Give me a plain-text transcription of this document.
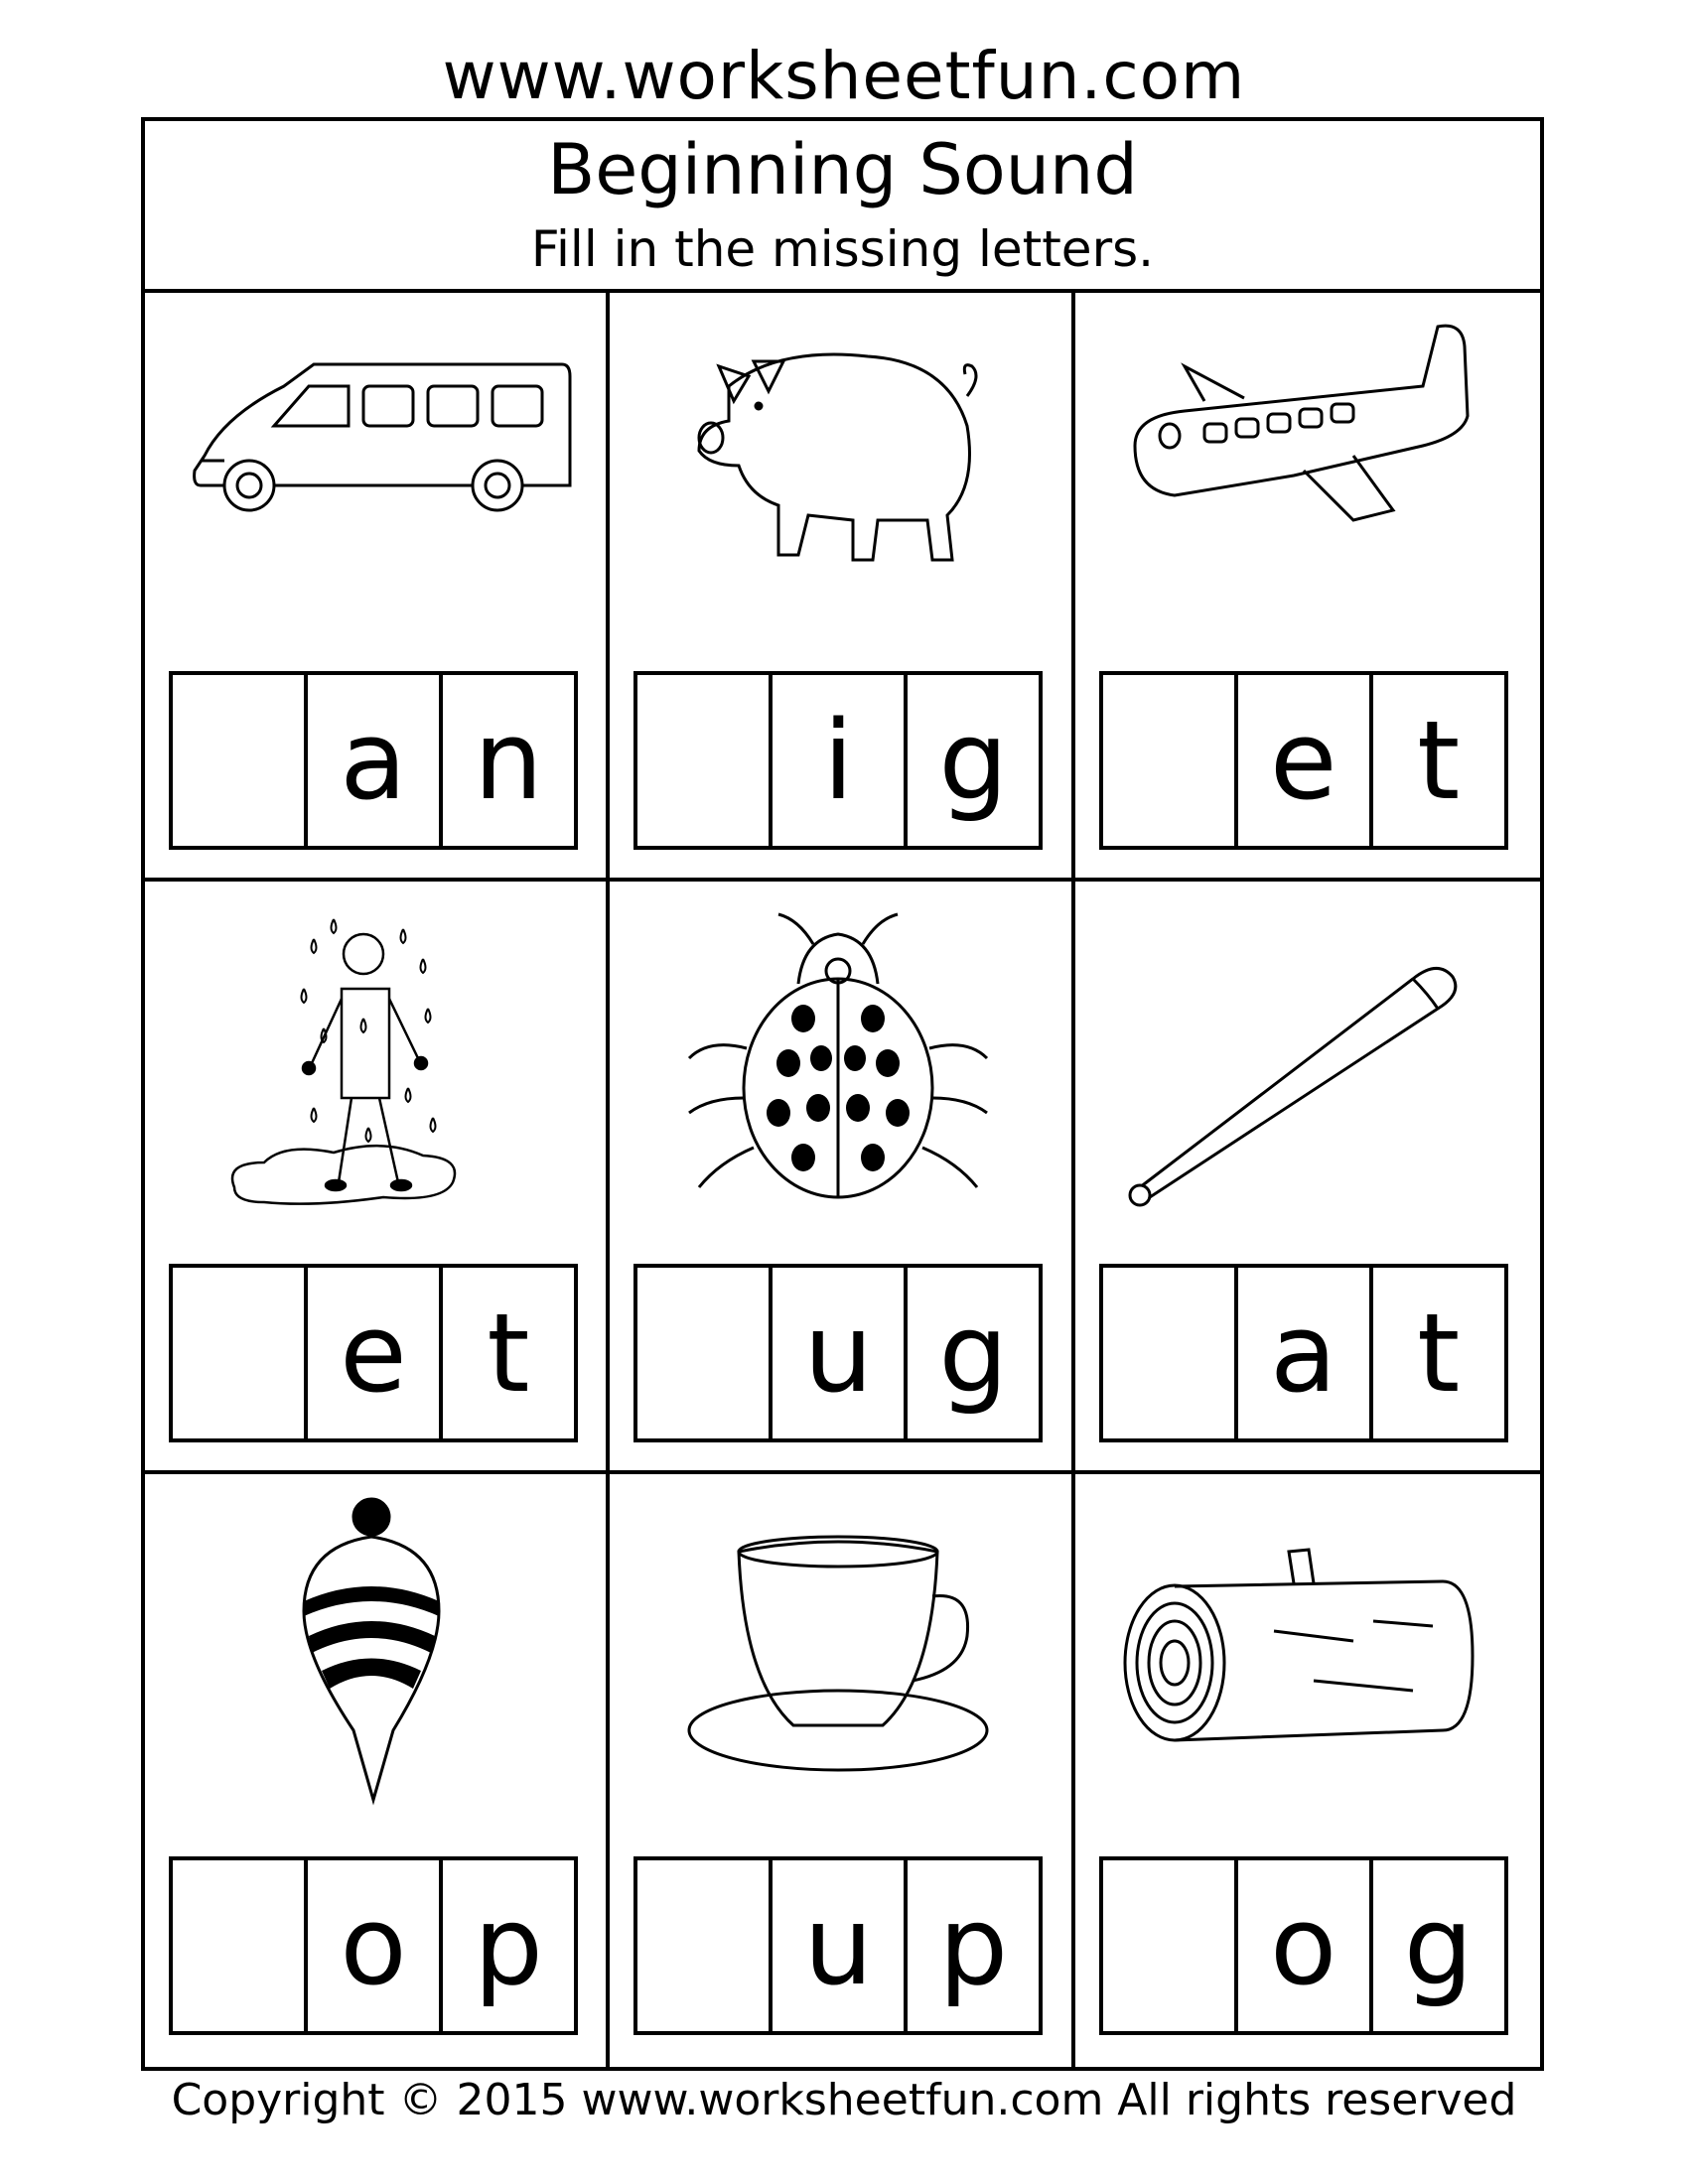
www.worksheetfun.com
Beginning Sound
Fill in the missing letters.
a n	i g e t
e t	u g a t
o p u p o g
Copyright © 2015 www.worksheetfun.com All rights reserved
